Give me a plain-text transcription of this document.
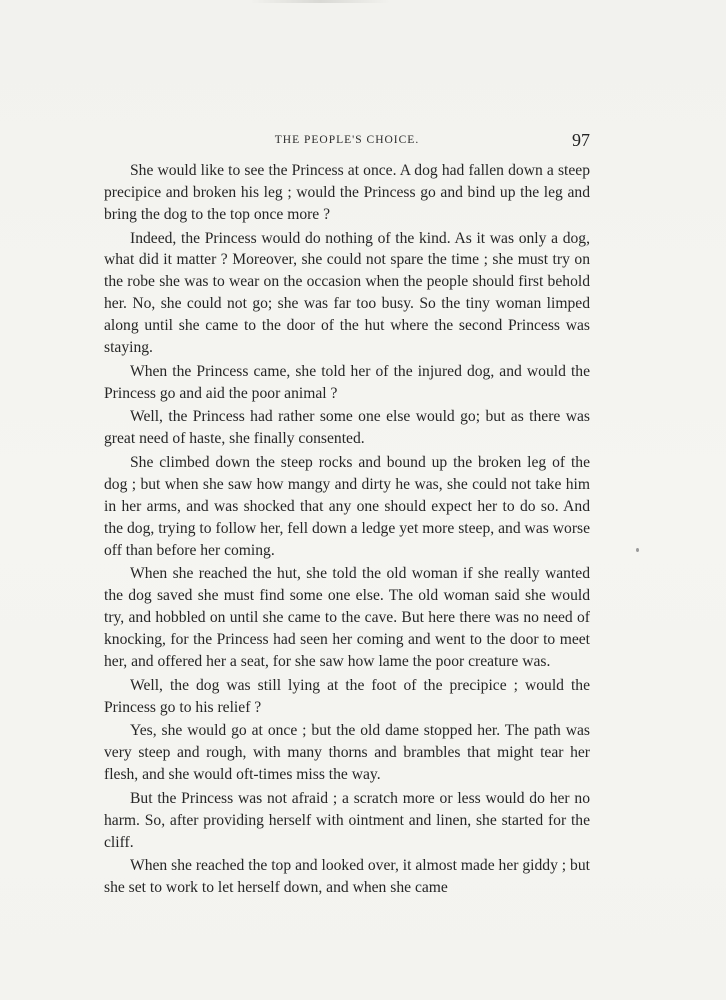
THE PEOPLE'S CHOICE.	97

She would like to see the Princess at once. A dog had fallen down a steep precipice and broken his leg ; would the Princess go and bind up the leg and bring the dog to the top once more ?

Indeed, the Princess would do nothing of the kind. As it was only a dog, what did it matter ? Moreover, she could not spare the time ; she must try on the robe she was to wear on the occasion when the people should first behold her. No, she could not go; she was far too busy. So the tiny woman limped along until she came to the door of the hut where the second Princess was staying.

When the Princess came, she told her of the injured dog, and would the Princess go and aid the poor animal ?

Well, the Princess had rather some one else would go; but as there was great need of haste, she finally consented.

She climbed down the steep rocks and bound up the broken leg of the dog ; but when she saw how mangy and dirty he was, she could not take him in her arms, and was shocked that any one should expect her to do so. And the dog, trying to follow her, fell down a ledge yet more steep, and was worse off than before her coming.

When she reached the hut, she told the old woman if she really wanted the dog saved she must find some one else. The old woman said she would try, and hobbled on until she came to the cave. But here there was no need of knocking, for the Princess had seen her coming and went to the door to meet her, and offered her a seat, for she saw how lame the poor creature was.

Well, the dog was still lying at the foot of the precipice ; would the Princess go to his relief ?

Yes, she would go at once ; but the old dame stopped her. The path was very steep and rough, with many thorns and brambles that might tear her flesh, and she would oft-times miss the way.

But the Princess was not afraid ; a scratch more or less would do her no harm. So, after providing herself with ointment and linen, she started for the cliff.

When she reached the top and looked over, it almost made her giddy ; but she set to work to let herself down, and when she came
